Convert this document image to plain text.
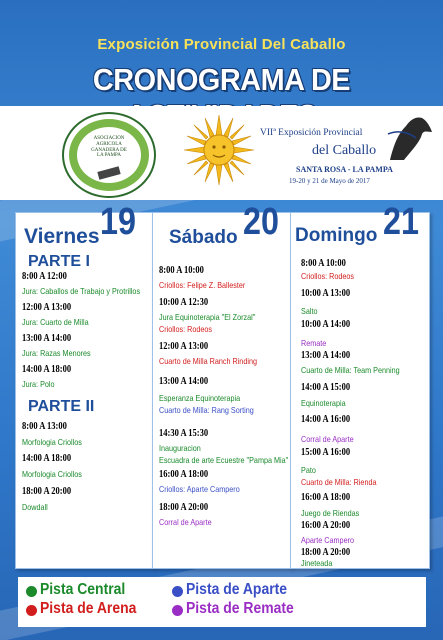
Exposición Provincial Del Caballo
CRONOGRAMA DE
ASOCIACION AGRICOLA GANADERA DE LA PAMPA
VIIª Exposición Provincial
del Caballo
SANTA ROSA - LA PAMPA
19-20 y 21 de Mayo de 2017
Viernes 19
PARTE I
8:00 A 12:00
Jura: Caballos de Trabajo y Protrillos
12:00 A 13:00
Jura: Cuarto de Milla
13:00 A 14:00
Jura: Razas Menores
14:00 A 18:00
Jura: Polo
PARTE II
8:00 A 13:00
Morfologia Criollos
14:00 A 18:00
Morfologia Criollos
18:00 A 20:00
Dowdall
Sábado 20
8:00 A 10:00
Criollos: Felipe Z. Ballester
10:00 A 12:30
Jura Equinoterapia "El Zorzal"
Criollos: Rodeos
12:00 A 13:00
Cuarto de Milla Ranch Rinding
13:00 A 14:00
Esperanza Equinoterapia
Cuarto de Milla: Rang Sorting
14:30 A 15:30
Inauguracion
Escuadra de arte Ecuestre "Pampa Mia"
16:00 A 18:00
Criollos: Aparte Campero
18:00 A 20:00
Corral de Aparte
Domingo 21
8:00 A 10:00
Criollos: Rodeos
10:00 A 13:00
Salto
10:00 A 14:00
Remate
13:00 A 14:00
Cuarto de Milla: Team Penning
14:00 A 15:00
Equinoterapia
14:00 A 16:00
Corral de Aparte
15:00 A 16:00
Pato
Cuarto de Milla: Rienda
16:00 A 18:00
Juego de Riendas
16:00 A 20:00
Aparte Campero
18:00 A 20:00
Jineteada
Pista Central
Pista de Arena
Pista de Aparte
Pista de Remate
